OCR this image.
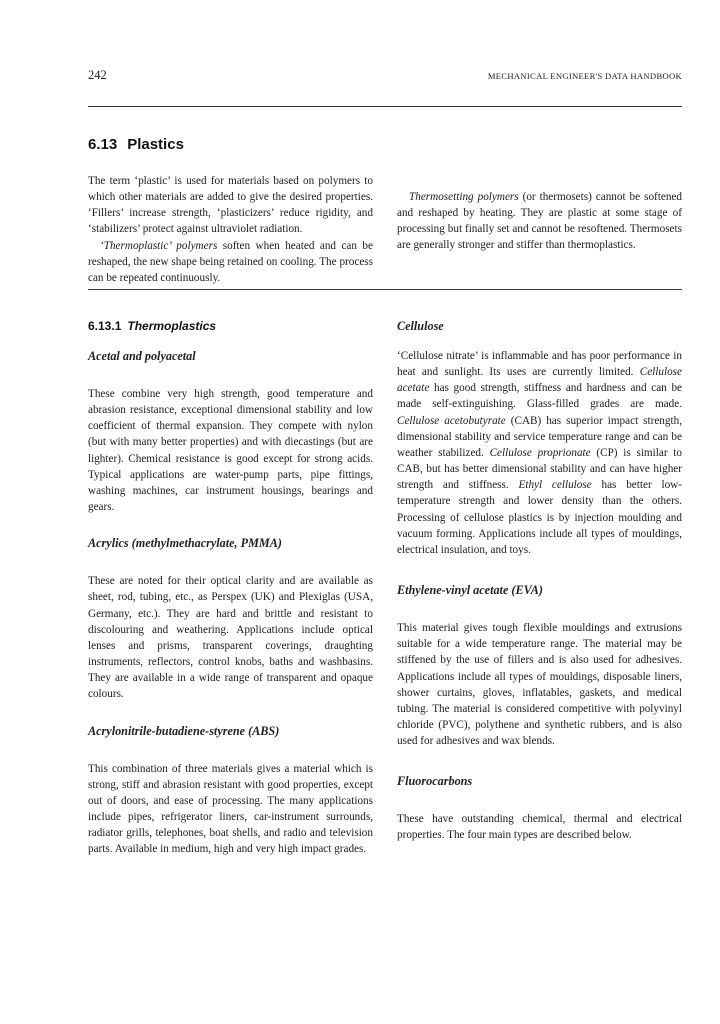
242	MECHANICAL ENGINEER'S DATA HANDBOOK
6.13 Plastics

The term ‘plastic’ is used for materials based on polymers to which other materials are added to give the desired properties. ‘Fillers’ increase strength, ‘plasticizers’ reduce rigidity, and ‘stabilizers’ protect against ultraviolet radiation.

‘Thermoplastic’ polymers soften when heated and can be reshaped, the new shape being retained on cooling. The process can be repeated continuously.

Thermosetting polymers (or thermosets) cannot be softened and reshaped by heating. They are plastic at some stage of processing but finally set and cannot be resoftened. Thermosets are generally stronger and stiffer than thermoplastics.

6.13.1 Thermoplastics
Acetal and polyacetal

These combine very high strength, good temperature and abrasion resistance, exceptional dimensional stability and low coefficient of thermal expansion. They compete with nylon (but with many better properties) and with diecastings (but are lighter). Chemical resistance is good except for strong acids. Typical applications are water-pump parts, pipe fittings, washing machines, car instrument housings, bearings and gears.

Acrylics (methylmethacrylate, PMMA)

These are noted for their optical clarity and are available as sheet, rod, tubing, etc., as Perspex (UK) and Plexiglas (USA, Germany, etc.). They are hard and brittle and resistant to discolouring and weathering. Applications include optical lenses and prisms, transparent coverings, draughting instruments, reflectors, control knobs, baths and washbasins. They are available in a wide range of transparent and opaque colours.

Acrylonitrile-butadiene-styrene (ABS)

This combination of three materials gives a material which is strong, stiff and abrasion resistant with good properties, except out of doors, and ease of processing. The many applications include pipes, refrigerator liners, car-instrument surrounds, radiator grills, telephones, boat shells, and radio and television parts. Available in medium, high and very high impact grades.

Cellulose

‘Cellulose nitrate’ is inflammable and has poor performance in heat and sunlight. Its uses are currently limited. Cellulose acetate has good strength, stiffness and hardness and can be made self-extinguishing. Glass-filled grades are made. Cellulose acetobutyrate (CAB) has superior impact strength, dimensional stability and service temperature range and can be weather stabilized. Cellulose proprionate (CP) is similar to CAB, but has better dimensional stability and can have higher strength and stiffness. Ethyl cellulose has better low-temperature strength and lower density than the others. Processing of cellulose plastics is by injection moulding and vacuum forming. Applications include all types of mouldings, electrical insulation, and toys.

Ethylene-vinyl acetate (EVA)

This material gives tough flexible mouldings and extrusions suitable for a wide temperature range. The material may be stiffened by the use of fillers and is also used for adhesives. Applications include all types of mouldings, disposable liners, shower curtains, gloves, inflatables, gaskets, and medical tubing. The material is considered competitive with polyvinyl chloride (PVC), polythene and synthetic rubbers, and is also used for adhesives and wax blends.

Fluorocarbons

These have outstanding chemical, thermal and electrical properties. The four main types are described below.
